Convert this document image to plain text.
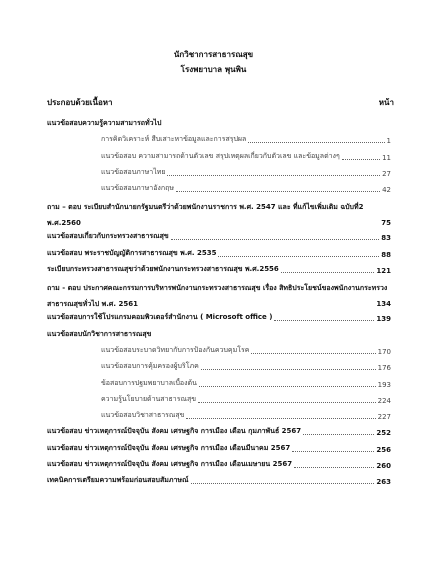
นักวิชาการสาธารณสุข
โรงพยาบาล พุนพิน
ประกอบด้วยเนื้อหา	หน้า
แนวข้อสอบความรู้ความสามารถทั่วไป
การคิดวิเคราะห์ สืบเสาะหาข้อมูลและการสรุปผล	1
แนวข้อสอบ ความสามารถด้านตัวเลข สรุปเหตุผลเกี่ยวกับตัวเลข และข้อมูลต่างๆ	11
แนวข้อสอบภาษาไทย	27
แนวข้อสอบภาษาอังกฤษ	42
ถาม – ตอบ ระเบียบสำนักนายกรัฐมนตรีว่าด้วยพนักงานราชการ พ.ศ. 2547 และ ที่แก้ไขเพิ่มเติม ฉบับที่2 พ.ศ.2560	75
แนวข้อสอบเกี่ยวกับกระทรวงสาธารณสุข	83
แนวข้อสอบ พระราชบัญญัติการสาธารณสุข พ.ศ. 2535	88
ระเบียบกระทรวงสาธารณสุขว่าด้วยพนักงานกระทรวงสาธารณสุข พ.ศ.2556	121
ถาม - ตอบ ประกาศคณะกรรมการบริหารพนักงานกระทรวงสาธารณสุข เรื่อง สิทธิประโยชน์ของพนักงานกระทรวงสาธารณสุขทั่วไป พ.ศ. 2561	134
แนวข้อสอบการใช้โปรแกรมคอมพิวเตอร์สำนักงาน ( Microsoft office )	139
แนวข้อสอบนักวิชาการสาธารณสุข
แนวข้อสอบระบาดวิทยากับการป้องกันควบคุมโรค	170
แนวข้อสอบการคุ้มครองผู้บริโภค	176
ข้อสอบการปฐมพยาบาลเบื้องต้น	193
ความรู้นโยบายด้านสาธารณสุข	224
แนวข้อสอบวิชาสาธารณสุข	227
แนวข้อสอบ ข่าวเหตุการณ์ปัจจุบัน สังคม เศรษฐกิจ การเมือง เดือน กุมภาพันธ์ 2567	252
แนวข้อสอบ ข่าวเหตุการณ์ปัจจุบัน สังคม เศรษฐกิจ การเมือง เดือนมีนาคม 2567	256
แนวข้อสอบ ข่าวเหตุการณ์ปัจจุบัน สังคม เศรษฐกิจ การเมือง เดือนเมษายน 2567	260
เทคนิคการเตรียมความพร้อมก่อนสอบสัมภาษณ์	263
